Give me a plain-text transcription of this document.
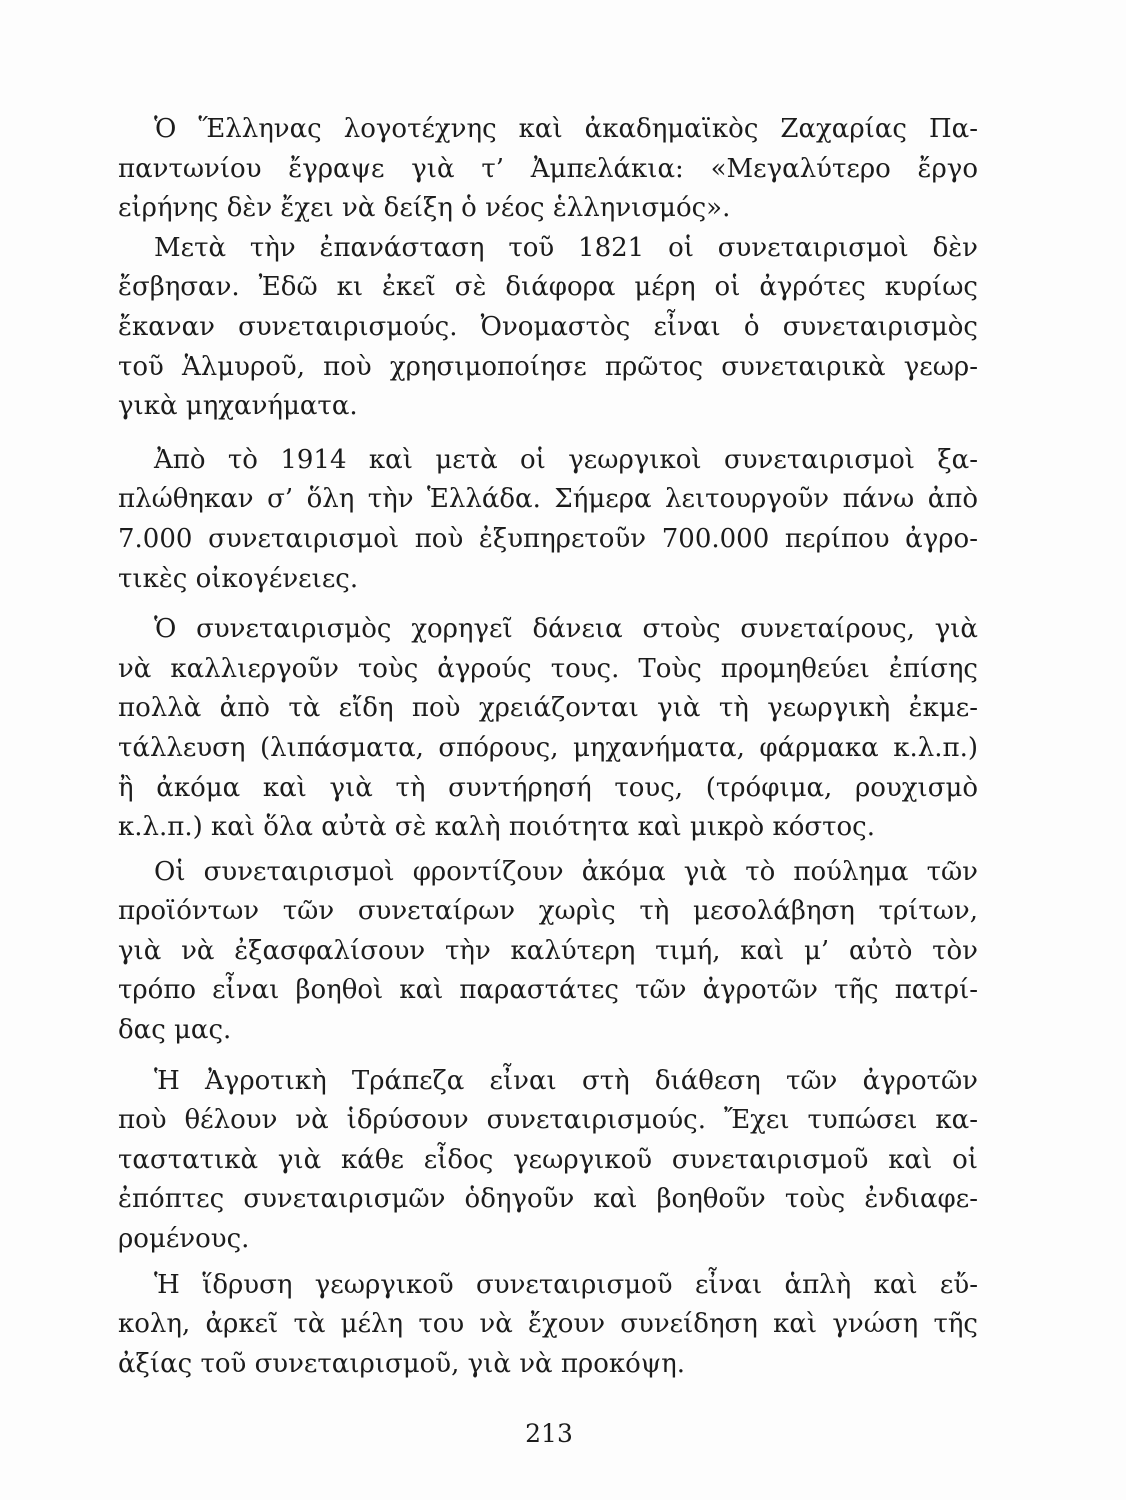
Ὁ Ἕλληνας λογοτέχνης καὶ ἀκαδημαϊκὸς Ζαχαρίας Πα-
παντωνίου ἔγραψε γιὰ τ’ Ἀμπελάκια: «Μεγαλύτερο ἔργο
εἰρήνης δὲν ἔχει νὰ δείξη ὁ νέος ἑλληνισμός».

Μετὰ τὴν ἐπανάσταση τοῦ 1821 οἱ συνεταιρισμοὶ δὲν
ἔσβησαν. Ἐδῶ κι ἐκεῖ σὲ διάφορα μέρη οἱ ἀγρότες κυρίως
ἔκαναν συνεταιρισμούς. Ὀνομαστὸς εἶναι ὁ συνεταιρισμὸς
τοῦ Ἁλμυροῦ, ποὺ χρησιμοποίησε πρῶτος συνεταιρικὰ γεωρ-
γικὰ μηχανήματα.

Ἀπὸ τὸ 1914 καὶ μετὰ οἱ γεωργικοὶ συνεταιρισμοὶ ξα-
πλώθηκαν σ’ ὅλη τὴν Ἑλλάδα. Σήμερα λειτουργοῦν πάνω ἀπὸ
7.000 συνεταιρισμοὶ ποὺ ἐξυπηρετοῦν 700.000 περίπου ἀγρο-
τικὲς οἰκογένειες.

Ὁ συνεταιρισμὸς χορηγεῖ δάνεια στοὺς συνεταίρους, γιὰ
νὰ καλλιεργοῦν τοὺς ἀγρούς τους. Τοὺς προμηθεύει ἐπίσης
πολλὰ ἀπὸ τὰ εἴδη ποὺ χρειάζονται γιὰ τὴ γεωργικὴ ἐκμε-
τάλλευση (λιπάσματα, σπόρους, μηχανήματα, φάρμακα κ.λ.π.)
ἢ ἀκόμα καὶ γιὰ τὴ συντήρησή τους, (τρόφιμα, ρουχισμὸ
κ.λ.π.) καὶ ὅλα αὐτὰ σὲ καλὴ ποιότητα καὶ μικρὸ κόστος.

Οἱ συνεταιρισμοὶ φροντίζουν ἀκόμα γιὰ τὸ πούλημα τῶν
προϊόντων τῶν συνεταίρων χωρὶς τὴ μεσολάβηση τρίτων,
γιὰ νὰ ἐξασφαλίσουν τὴν καλύτερη τιμή, καὶ μ’ αὐτὸ τὸν
τρόπο εἶναι βοηθοὶ καὶ παραστάτες τῶν ἀγροτῶν τῆς πατρί-
δας μας.

Ἡ Ἀγροτικὴ Τράπεζα εἶναι στὴ διάθεση τῶν ἀγροτῶν
ποὺ θέλουν νὰ ἱδρύσουν συνεταιρισμούς. Ἔχει τυπώσει κα-
ταστατικὰ γιὰ κάθε εἶδος γεωργικοῦ συνεταιρισμοῦ καὶ οἱ
ἐπόπτες συνεταιρισμῶν ὁδηγοῦν καὶ βοηθοῦν τοὺς ἐνδιαφε-
ρομένους.

Ἡ ἵδρυση γεωργικοῦ συνεταιρισμοῦ εἶναι ἁπλὴ καὶ εὔ-
κολη, ἀρκεῖ τὰ μέλη του νὰ ἔχουν συνείδηση καὶ γνώση τῆς
ἀξίας τοῦ συνεταιρισμοῦ, γιὰ νὰ προκόψη.

213
